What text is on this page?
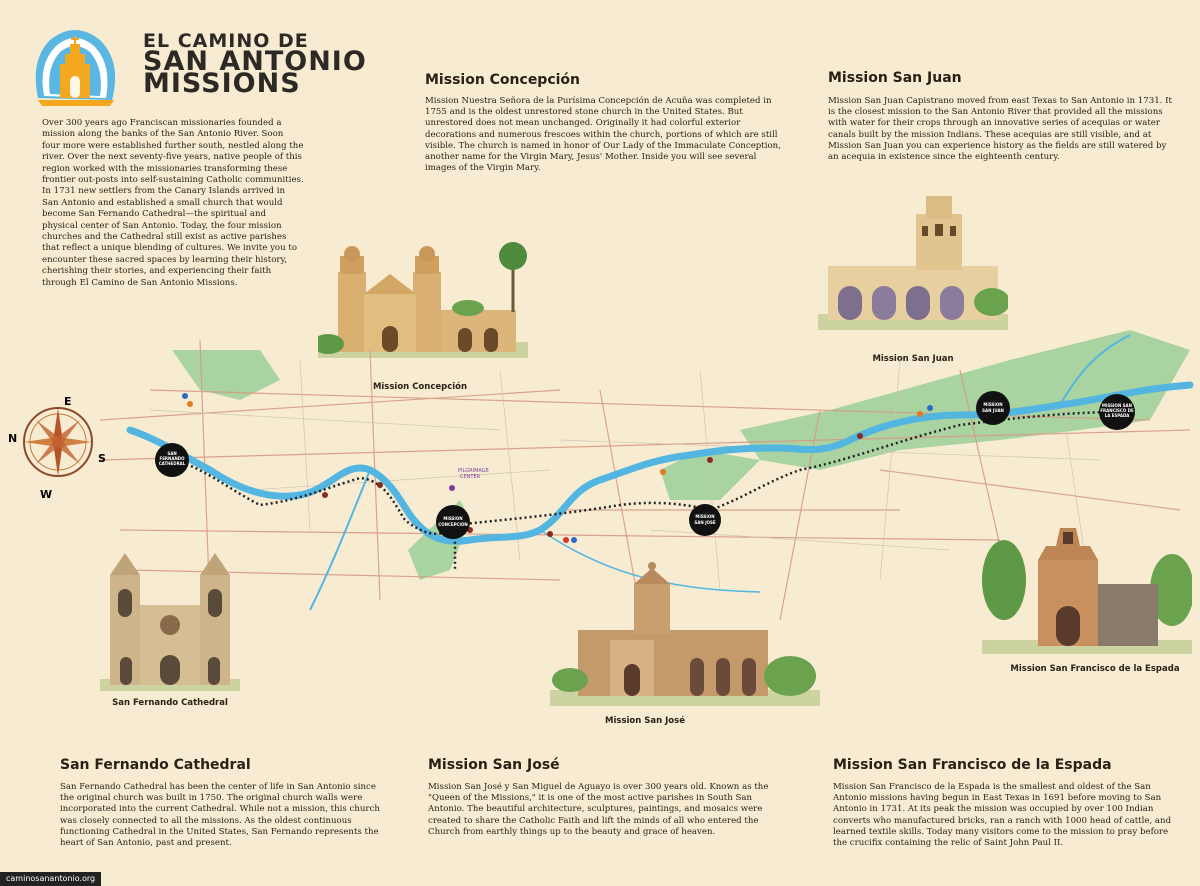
EL CAMINO DE
SAN ANTONIO
MISSIONS

Over 300 years ago Franciscan missionaries founded a mission along the banks of the San Antonio River. Soon four more were established further south, nestled along the river. Over the next seventy-five years, native people of this region worked with the missionaries transforming these frontier out-posts into self-sustaining Catholic communities.

In 1731 new settlers from the Canary Islands arrived in San Antonio and established a small church that would become San Fernando Cathedral—the spiritual and physical center of San Antonio. Today, the four mission churches and the Cathedral still exist as active parishes that reflect a unique blending of cultures. We invite you to encounter these sacred spaces by learning their history, cherishing their stories, and experiencing their faith through El Camino de San Antonio Missions.

Mission Concepción
Mission Nuestra Señora de la Purísima Concepción de Acuña was completed in 1755 and is the oldest unrestored stone church in the United States. But unrestored does not mean unchanged. Originally it had colorful exterior decorations and numerous frescoes within the church, portions of which are still visible. The church is named in honor of Our Lady of the Immaculate Conception, another name for the Virgin Mary, Jesus' Mother. Inside you will see several images of the Virgin Mary.
Mission San Juan
Mission San Juan Capistrano moved from east Texas to San Antonio in 1731. It is the closest mission to the San Antonio River that provided all the missions with water for their crops through an innovative series of acequias or water canals built by the mission Indians. These acequias are still visible, and at Mission San Juan you can experience history as the fields are still watered by an acequia in existence since the eighteenth century.
Mission Concepción
Mission San Juan
SAN
FERNANDO
CATHEDRAL
MISSION
CONCEPCIÓN
MISSION
SAN JOSÉ
MISSION
SAN JUAN
MISSION SAN
FRANCISCO DE
LA ESPADA
PILGRIMAGE
CENTER
E
N
S
W
San Fernando Cathedral
Mission San José
Mission San Francisco de la Espada
San Fernando Cathedral
San Fernando Cathedral has been the center of life in San Antonio since the original church was built in 1750. The original church walls were incorporated into the current Cathedral. While not a mission, this church was closely connected to all the missions. As the oldest continuous functioning Cathedral in the United States, San Fernando represents the heart of San Antonio, past and present.
Mission San José
Mission San José y San Miguel de Aguayo is over 300 years old. Known as the "Queen of the Missions," it is one of the most active parishes in South San Antonio. The beautiful architecture, sculptures, paintings, and mosaics were created to share the Catholic Faith and lift the minds of all who entered the Church from earthly things up to the beauty and grace of heaven.
Mission San Francisco de la Espada
Mission San Francisco de la Espada is the smallest and oldest of the San Antonio missions having begun in East Texas in 1691 before moving to San Antonio in 1731. At its peak the mission was occupied by over 100 Indian converts who manufactured bricks, ran a ranch with 1000 head of cattle, and learned textile skills. Today many visitors come to the mission to pray before the crucifix containing the relic of Saint John Paul II.
caminosanantonio.org
